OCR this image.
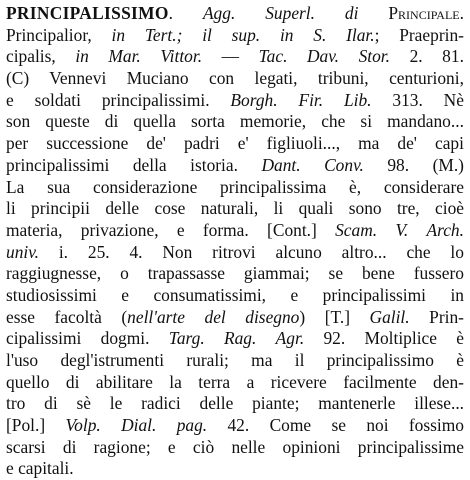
PRINCIPALISSIMO. Agg. Superl. di Principale.
Principalior, in Tert.; il sup. in S. Ilar.; Praeprin-
cipalis, in Mar. Vittor. — Tac. Dav. Stor. 2. 81.
(C) Vennevi Muciano con legati, tribuni, centurioni,
e soldati principalissimi. Borgh. Fir. Lib. 313. Nè
son queste di quella sorta memorie, che si mandano...
per successione de' padri e' figliuoli..., ma de' capi
principalissimi della istoria. Dant. Conv. 98. (M.)
La sua considerazione principalissima è, considerare
li principii delle cose naturali, li quali sono tre, cioè
materia, privazione, e forma. [Cont.] Scam. V. Arch.
univ. i. 25. 4. Non ritrovi alcuno altro... che lo
raggiugnesse, o trapassasse giammai; se bene fussero
studiosissimi e consumatissimi, e principalissimi in
esse facoltà (nell'arte del disegno) [T.] Galil. Prin-
cipalissimi dogmi. Targ. Rag. Agr. 92. Moltiplice è
l'uso degl'istrumenti rurali; ma il principalissimo è
quello di abilitare la terra a ricevere facilmente den-
tro di sè le radici delle piante; mantenerle illese...
[Pol.] Volp. Dial. pag. 42. Come se noi fossimo
scarsi di ragione; e ciò nelle opinioni principalissime
e capitali.
